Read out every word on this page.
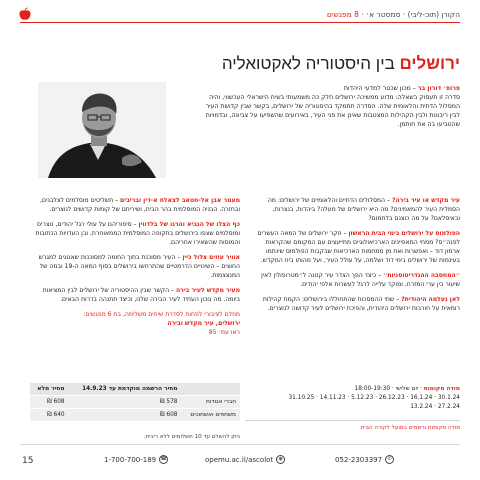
הקורן (תוכ-ליבי) · סמסטר א׳ · 8 מפגשים
ירושלים בין היסטוריה לאקטואליה

פרופ׳ דורון בר – מכון שכטר למדעי היהדות

סדרה זו תעסוק בשאלה: מדוע ממשיכה ירושלים חלק כה משמעותי בשיח הישראלי העכשווי, והיה המסלול הדתית והלאומית שלה. הסדרה תתמקד בהיסטוריה של ירושלים, בקשר שבין קדושת העיר לבין ריבונות ולבין הקהילות המצטבות שאינן את פני העיר, באירועים שהשפיעו על צביונה, ובדמויות שהטביעו בה את חותמן.

עיר מקדש או עיר בירה? – המסלולים הדתיים והלאומיים של ירושלים: מה הסמלית העיר להמאמינים? מה היא ירושלים של מעלה? ביהדות, בנצרות, ובאיסלאם? על מה כוצנם בלחמום?

הפולמוס על ירושלים בימי הבית הראשון – חקר ירושלים של המאה העשרים לפנה״ס? ממחי המאפיינים הארכיאולוגיים מתייעצים עם המקומם שהקראות ארמון דוד – ואפשרות ואת מן ממחמות הארכיאות שבקבות הפולמוס שינתמו בעינמות של ירושלים בימי דוד ושלמה, על עולל העיר, ועל מהותו ביח המקדש.

״המחסבה ההגדריטוסניות״ – כיצד הפך הצדר עיר קטנה ל״מטרופולין לאין שיעור בין ערי המזרח, ומוקד עלייה לרגל לעשרות אלפי יהודים.

לאן נעלמה היהודית? – שתי ההמסכות שהתחוללו בירושלים: הקמת קהילות רומאית על חורבות ירושלים היהודית, והפיכת ירושלים לעיר קדושה לנוצרים.

מעמר אבן אל-חטאב לצאלח א-דין ובריבים – תשליטים מוסלמים לצלבנים, ובחזרה. הבניה המוסלמית בהר הבית, ושיריתם של קומות קדושים לנוצרים.

כף הצלו של הגביא והרגו של בלדווין – סיפוריהם על עולי רגל יהודים, נוצרים ומוסלמים שצפו בירושלים בתקופה המוסלמית הממאוחרת, ובן העדויות הכתובות והמוסות שהשאירו אחריהם.

אוויר עוזים צלול כיין – העיר מסוכנת בתוך החומה למסוכנות שאנוגים למגרש החוצים – השינויים הדרמטיים שהתרחשו בירושלים בסוף המאה ה-19 ובמה של המנצצמות.

מעיר מקדש לעיר בירה – הקשר שבין ההיסטוריה של ירושלים לבין המציאות ביומה. מה נוכון העתיד לעיר הבירה שלנו, וכיצד תתנהה בדרות הבאים.

מוזלם לציבורי לפחות לסדרת שיחים משלימה, בת 6 מפגשים:
ירושלים, עיר מקדש ובירה
ראו עמ׳ 85

מודה מקומות · יום שלישי · 18:00-19:30
30.1.24 · 16.1.24 · 26.12.23 · 5.12.23 · 14.11.23 · 31.10.25
27.2.24 · 13.2.24
מודה מקומות ורשמים במועל לקורה הבית.
	מחיר הרשמה מוקדמת עד 14.9.23	מחיר מלא
חברי אגודות	578 ₪	608 ₪
משתפים ואשתוכים	608 ₪	640 ₪
ניתן להשלם עד 10 תשלומים ללא ריבית.
15	1-700-700-189 ☎	opemu.ac.il/ascolot	◉	052-2303397	✆
